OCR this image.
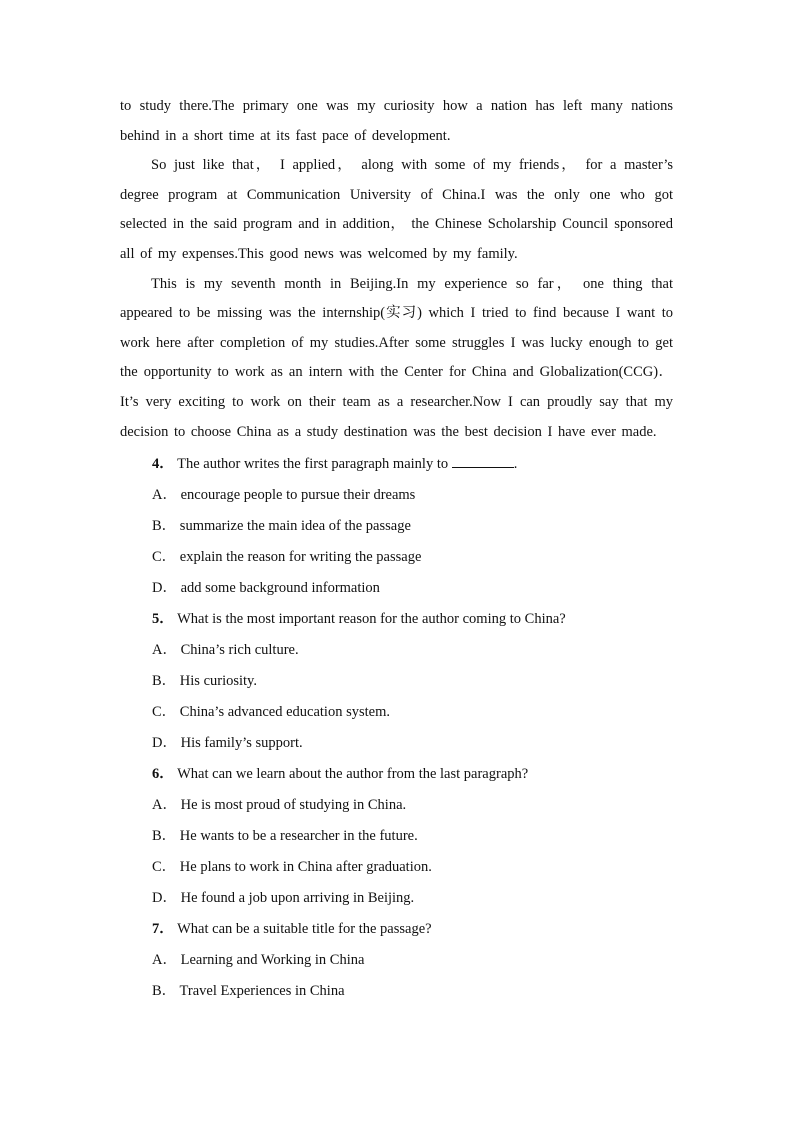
to study there.The primary one was my curiosity how a nation has left many nations behind in a short time at its fast pace of development.

So just like that， I applied， along with some of my friends， for a master’s degree program at Communication University of China.I was the only one who got selected in the said program and in addition， the Chinese Scholarship Council sponsored all of my expenses.This good news was welcomed by my family.

This is my seventh month in Beijing.In my experience so far， one thing that appeared to be missing was the internship(实习) which I tried to find because I want to work here after completion of my studies.After some struggles I was lucky enough to get the opportunity to work as an intern with the Center for China and Globalization(CCG)． It’s very exciting to work on their team as a researcher.Now I can proudly say that my decision to choose China as a study destination was the best decision I have ever made.

4． The author writes the first paragraph mainly to	.
A． encourage people to pursue their dreams
B． summarize the main idea of the passage
C． explain the reason for writing the passage
D． add some background information
5． What is the most important reason for the author coming to China?
A． China’s rich culture.
B． His curiosity.
C． China’s advanced education system.
D． His family’s support.
6． What can we learn about the author from the last paragraph?
A． He is most proud of studying in China.
B． He wants to be a researcher in the future.
C． He plans to work in China after graduation.
D． He found a job upon arriving in Beijing.
7． What can be a suitable title for the passage?
A． Learning and Working in China
B． Travel Experiences in China
